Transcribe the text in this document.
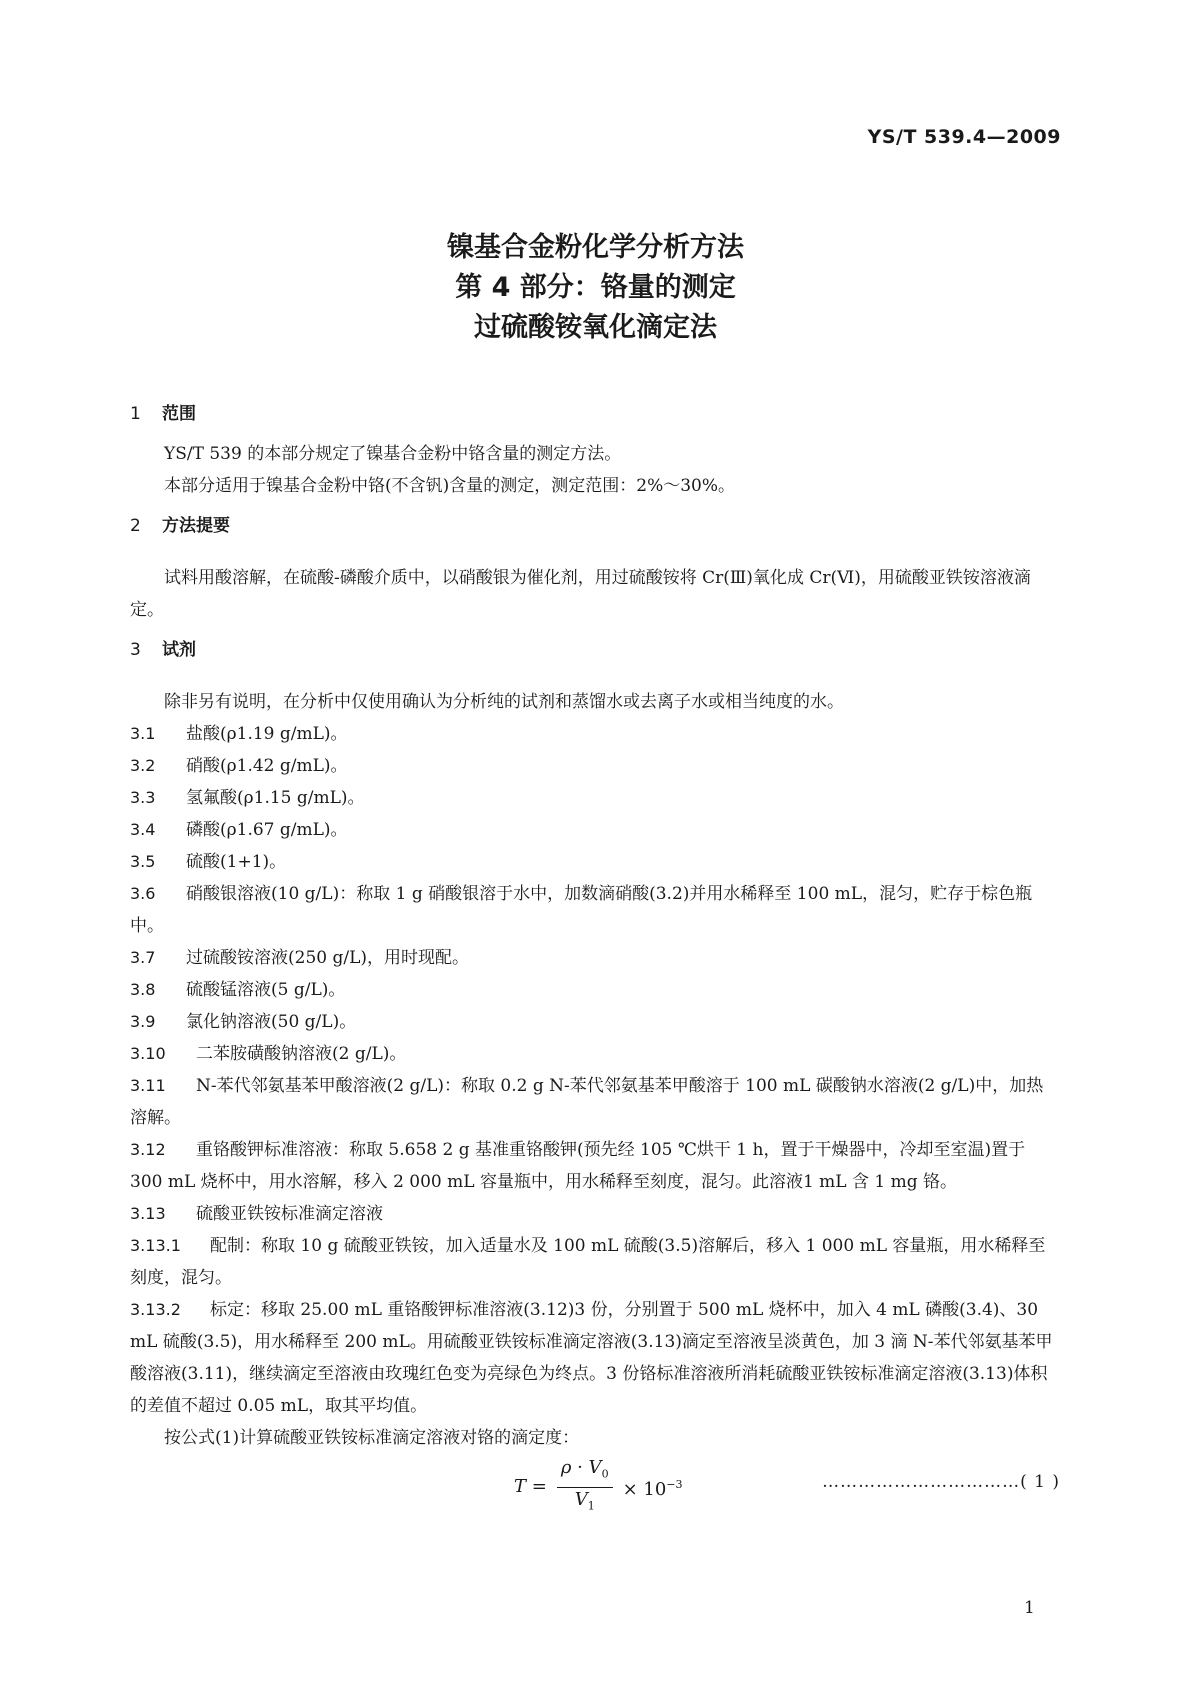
YS/T 539.4—2009
镍基合金粉化学分析方法
第 4 部分：铬量的测定
过硫酸铵氧化滴定法
1 范围
YS/T 539 的本部分规定了镍基合金粉中铬含量的测定方法。
本部分适用于镍基合金粉中铬(不含钒)含量的测定，测定范围：2%～30%。
2 方法提要
试料用酸溶解，在硫酸-磷酸介质中，以硝酸银为催化剂，用过硫酸铵将 Cr(Ⅲ)氧化成 Cr(Ⅵ)，用硫酸亚铁铵溶液滴定。
3 试剂
除非另有说明，在分析中仅使用确认为分析纯的试剂和蒸馏水或去离子水或相当纯度的水。
3.1 盐酸(ρ1.19 g/mL)。
3.2 硝酸(ρ1.42 g/mL)。
3.3 氢氟酸(ρ1.15 g/mL)。
3.4 磷酸(ρ1.67 g/mL)。
3.5 硫酸(1+1)。
3.6 硝酸银溶液(10 g/L)：称取 1 g 硝酸银溶于水中，加数滴硝酸(3.2)并用水稀释至 100 mL，混匀，贮存于棕色瓶中。
3.7 过硫酸铵溶液(250 g/L)，用时现配。
3.8 硫酸锰溶液(5 g/L)。
3.9 氯化钠溶液(50 g/L)。
3.10 二苯胺磺酸钠溶液(2 g/L)。
3.11 N-苯代邻氨基苯甲酸溶液(2 g/L)：称取 0.2 g N-苯代邻氨基苯甲酸溶于 100 mL 碳酸钠水溶液(2 g/L)中，加热溶解。
3.12 重铬酸钾标准溶液：称取 5.658 2 g 基准重铬酸钾(预先经 105 ℃烘干 1 h，置于干燥器中，冷却至室温)置于 300 mL 烧杯中，用水溶解，移入 2 000 mL 容量瓶中，用水稀释至刻度，混匀。此溶液1 mL 含 1 mg 铬。
3.13 硫酸亚铁铵标准滴定溶液
3.13.1 配制：称取 10 g 硫酸亚铁铵，加入适量水及 100 mL 硫酸(3.5)溶解后，移入 1 000 mL 容量瓶，用水稀释至刻度，混匀。
3.13.2 标定：移取 25.00 mL 重铬酸钾标准溶液(3.12)3 份，分别置于 500 mL 烧杯中，加入 4 mL 磷酸(3.4)、30 mL 硫酸(3.5)，用水稀释至 200 mL。用硫酸亚铁铵标准滴定溶液(3.13)滴定至溶液呈淡黄色，加 3 滴 N-苯代邻氨基苯甲酸溶液(3.11)，继续滴定至溶液由玫瑰红色变为亮绿色为终点。3 份铬标准溶液所消耗硫酸亚铁铵标准滴定溶液(3.13)体积的差值不超过 0.05 mL，取其平均值。
按公式(1)计算硫酸亚铁铵标准滴定溶液对铬的滴定度：
$T = \frac{\rho \cdot V_0}{V_1} \times 10^{-3}$	……………………………( 1 )
1
